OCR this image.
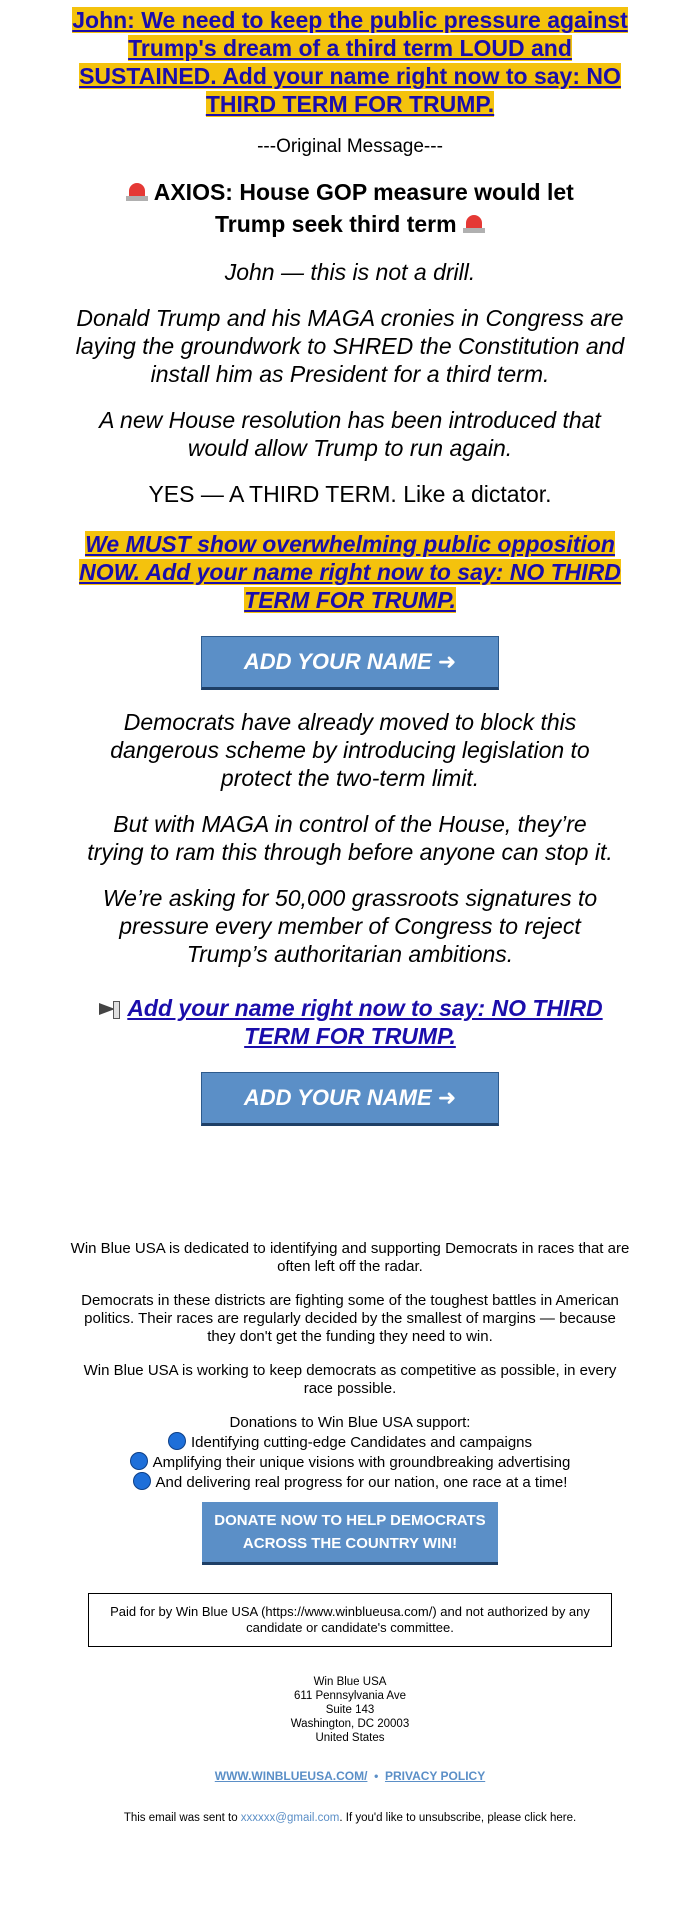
John: We need to keep the public pressure against Trump's dream of a third term LOUD and SUSTAINED. Add your name right now to say: NO THIRD TERM FOR TRUMP.

---Original Message---

AXIOS: House GOP measure would let Trump seek third term

John — this is not a drill.

Donald Trump and his MAGA cronies in Congress are laying the groundwork to SHRED the Constitution and install him as President for a third term.

A new House resolution has been introduced that would allow Trump to run again.

YES — A THIRD TERM. Like a dictator.

We MUST show overwhelming public opposition NOW. Add your name right now to say: NO THIRD TERM FOR TRUMP.

ADD YOUR NAME ➜

Democrats have already moved to block this dangerous scheme by introducing legislation to protect the two-term limit.

But with MAGA in control of the House, they’re trying to ram this through before anyone can stop it.

We’re asking for 50,000 grassroots signatures to pressure every member of Congress to reject Trump’s authoritarian ambitions.

Add your name right now to say: NO THIRD TERM FOR TRUMP.

ADD YOUR NAME ➜

Win Blue USA is dedicated to identifying and supporting Democrats in races that are often left off the radar.

Democrats in these districts are fighting some of the toughest battles in American politics. Their races are regularly decided by the smallest of margins — because they don't get the funding they need to win.

Win Blue USA is working to keep democrats as competitive as possible, in every race possible.

Donations to Win Blue USA support:
Identifying cutting-edge Candidates and campaigns
Amplifying their unique visions with groundbreaking advertising
And delivering real progress for our nation, one race at a time!
DONATE NOW TO HELP DEMOCRATS
ACROSS THE COUNTRY WIN!
Paid for by Win Blue USA (https://www.winblueusa.com/) and not authorized by any candidate or candidate's committee.
Win Blue USA
611 Pennsylvania Ave
Suite 143
Washington, DC 20003
United States
WWW.WINBLUEUSA.COM/ • PRIVACY POLICY
This email was sent to xxxxxx@gmail.com. If you'd like to unsubscribe, please click here.
